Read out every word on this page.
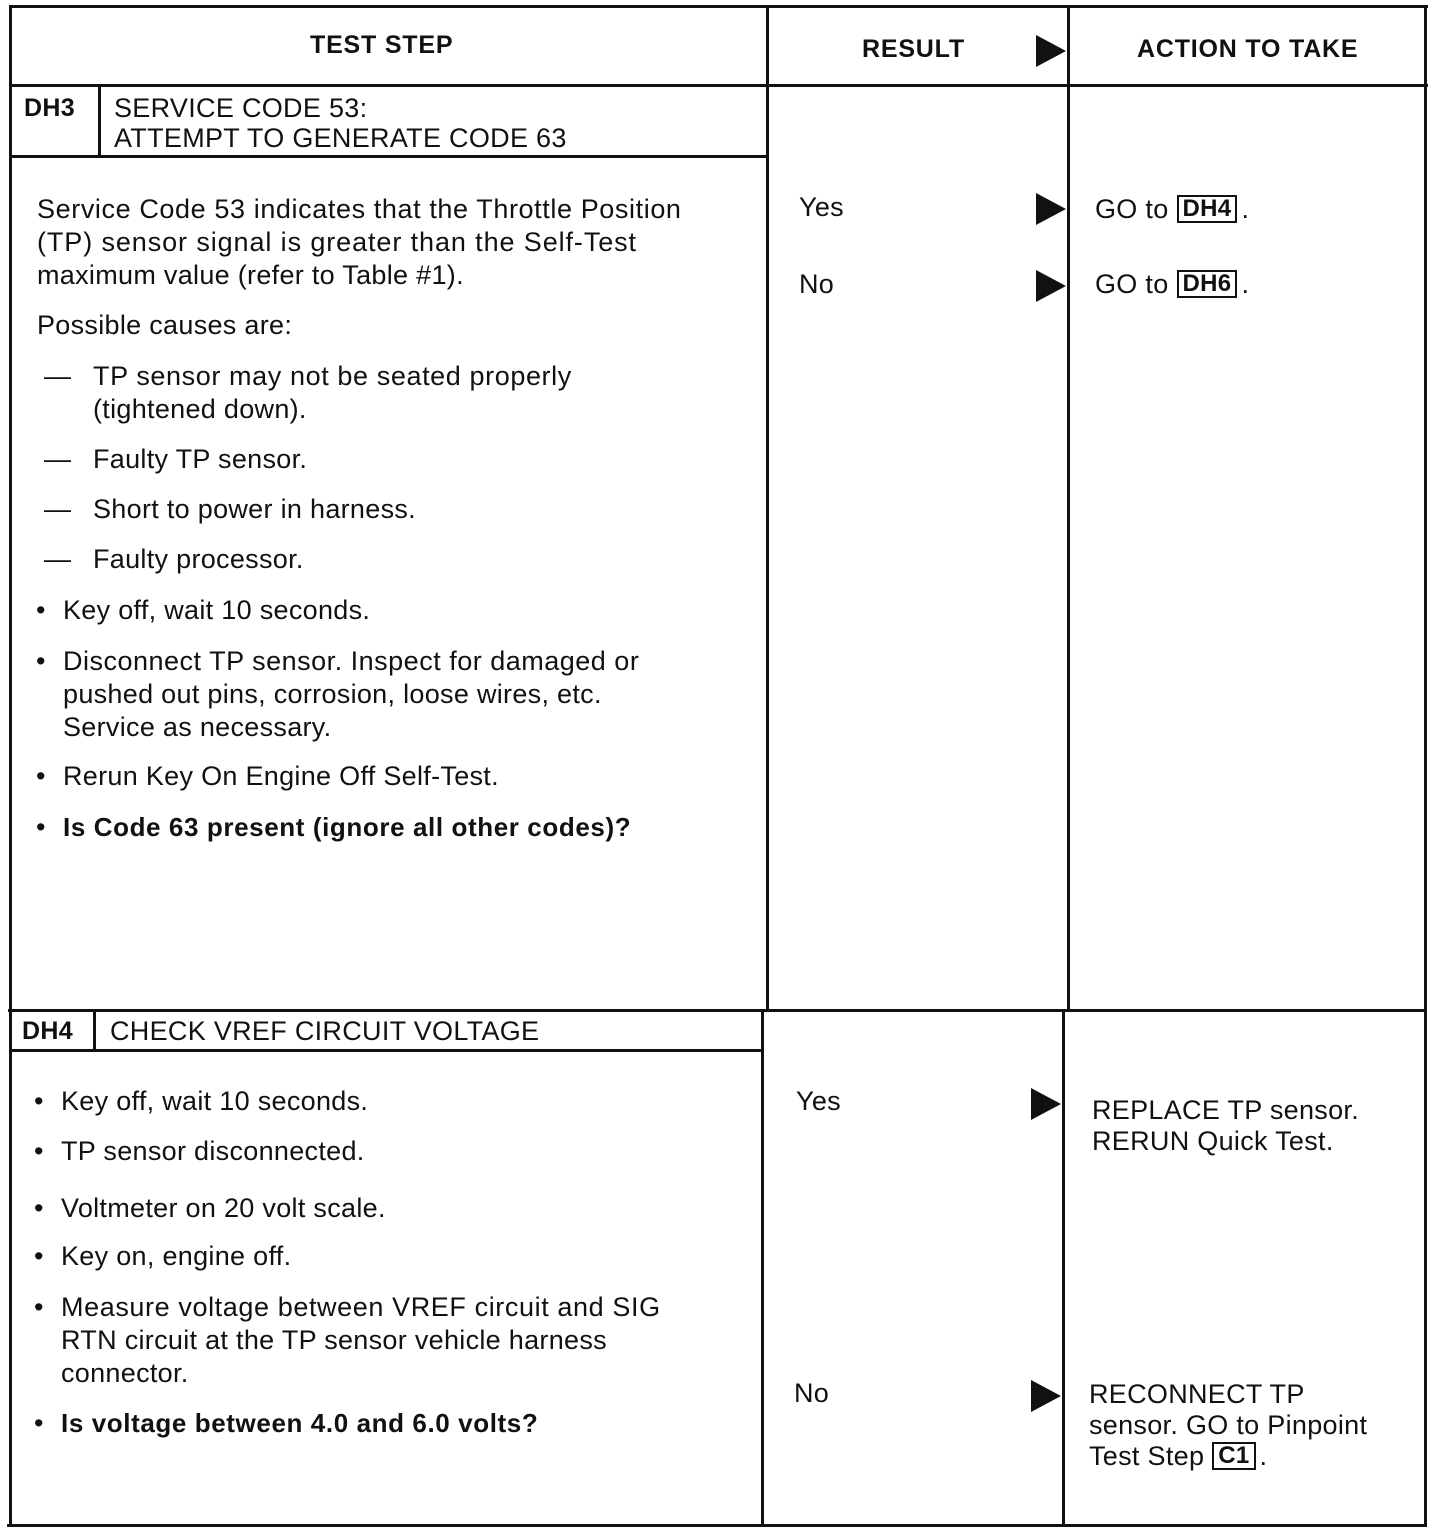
TEST STEP	RESULT	ACTION TO TAKE
DH3 SERVICE CODE 53:
ATTEMPT TO GENERATE CODE 63
Service Code 53 indicates that the Throttle Position
(TP) sensor signal is greater than the Self-Test
maximum value (refer to Table #1).
Possible causes are:
— TP sensor may not be seated properly
(tightened down).
— Faulty TP sensor.
— Short to power in harness.
— Faulty processor.
• Key off, wait 10 seconds.
• Disconnect TP sensor. Inspect for damaged or
pushed out pins, corrosion, loose wires, etc.
Service as necessary.
• Rerun Key On Engine Off Self-Test.
• Is Code 63 present (ignore all other codes)?
Yes
No
GO to DH4 .
GO to DH6 .
DH4 CHECK VREF CIRCUIT VOLTAGE
• Key off, wait 10 seconds.
• TP sensor disconnected.
• Voltmeter on 20 volt scale.
• Key on, engine off.
• Measure voltage between VREF circuit and SIG
RTN circuit at the TP sensor vehicle harness
connector.
• Is voltage between 4.0 and 6.0 volts?
Yes
No
REPLACE TP sensor.
RERUN Quick Test.
RECONNECT TP
sensor. GO to Pinpoint
Test Step C1 .
